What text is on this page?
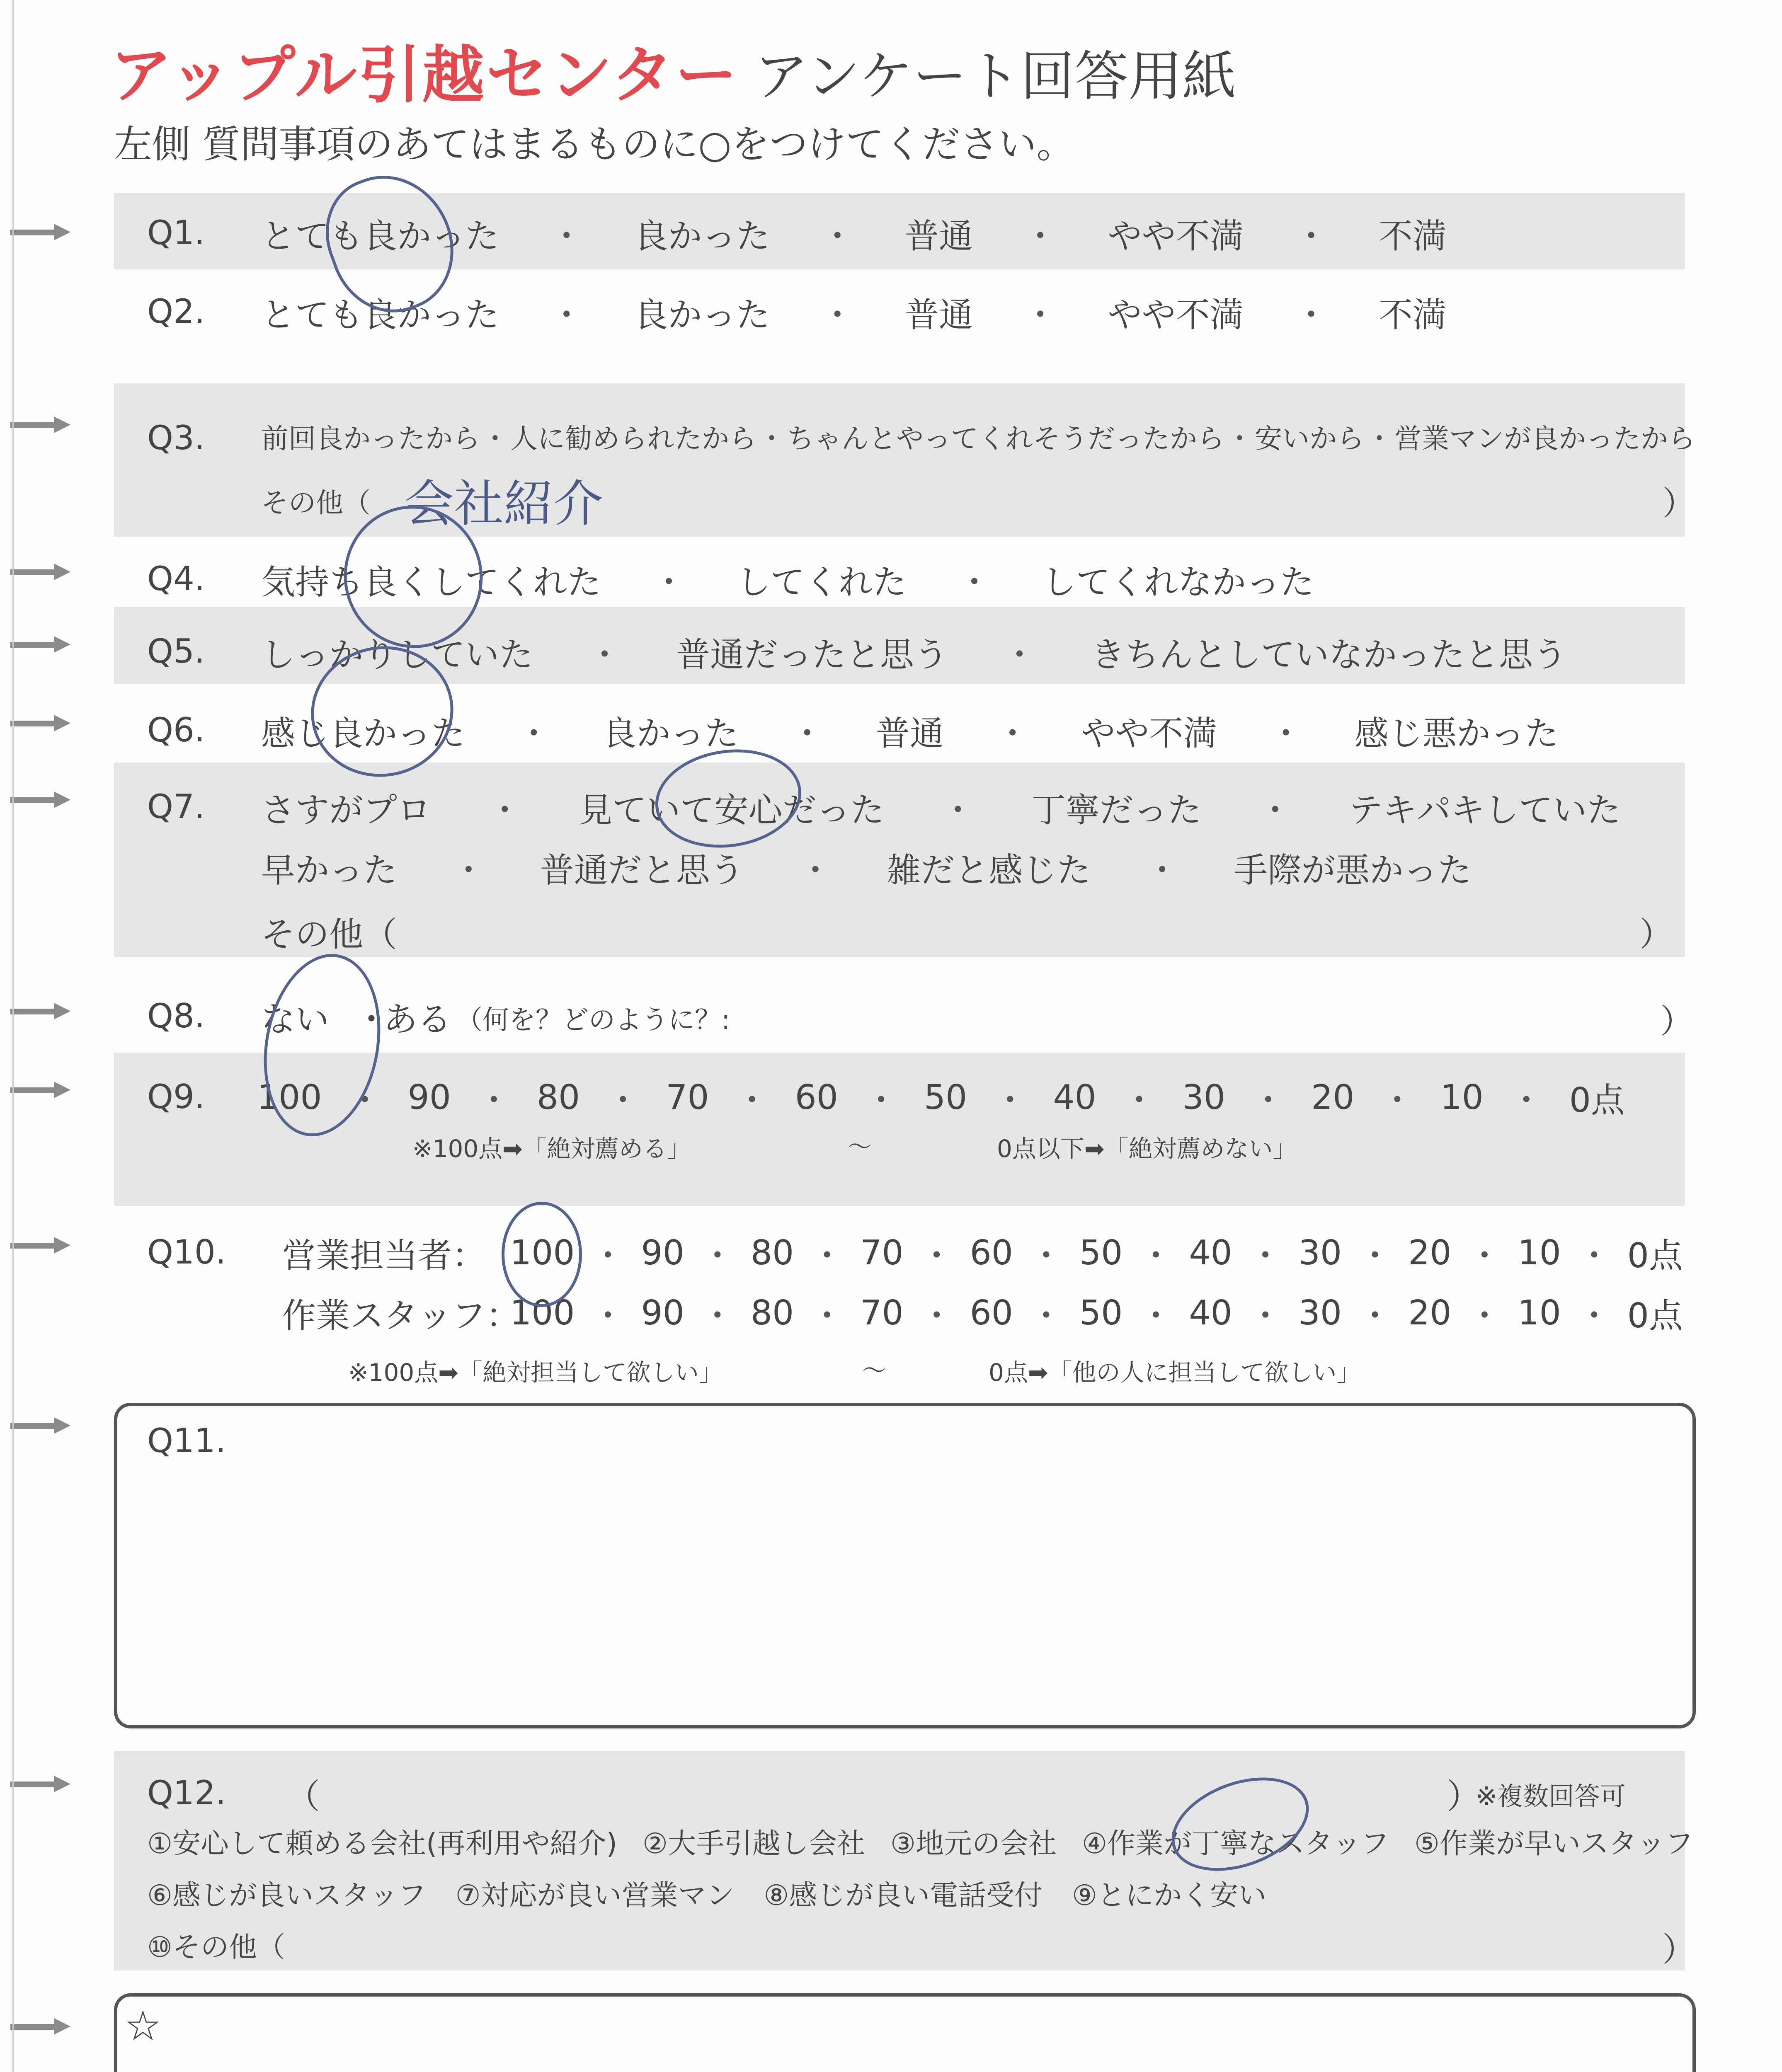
アップル引越センター アンケート回答用紙
左側 質問事項のあてはまるものに○をつけてください。
Q1. とても良かった ・ 良かった ・ 普通 ・ やや不満 ・ 不満
Q2. とても良かった ・ 良かった ・ 普通 ・ やや不満 ・ 不満
Q3. 前回良かったから ・ 人に勧められたから ・ ちゃんとやってくれそうだったから ・ 安いから ・ 営業マンが良かったから
その他（ 会社紹介	）
Q4. 気持ち良くしてくれた ・ してくれた ・ してくれなかった
Q5. しっかりしていた ・ 普通だったと思う ・ きちんとしていなかったと思う
Q6. 感じ良かった ・ 良かった ・ 普通 ・ やや不満 ・ 感じ悪かった
Q7. さすがプロ ・ 見ていて安心だった ・ 丁寧だった ・ テキパキしていた
早かった ・ 普通だと思う ・ 雑だと感じた ・ 手際が悪かった
その他（	）
Q8. ない ・
ある （何を？どのように？:	）
Q9. 100 ・ 90 ・ 80 ・ 70 ・ 60 ・ 50 ・ 40 ・ 30 ・ 20 ・ 10 ・ 0点
※100点➡「絶対薦める」	～	0点以下➡「絶対薦めない」
Q10. 営業担当者： 100 ・ 90 ・ 80 ・ 70 ・ 60 ・ 50 ・ 40 ・ 30 ・ 20 ・ 10 ・ 0点
作業スタッフ：
100 ・ 90 ・ 80 ・ 70 ・ 60 ・ 50 ・ 40 ・ 30 ・ 20 ・ 10 ・ 0点
※100点➡「絶対担当して欲しい」	～	0点➡「他の人に担当して欲しい」
Q11.
Q12. （	）
※複数回答可
①安心して頼める会社(再利用や紹介) ②大手引越し会社 ③地元の会社 ④作業が丁寧なスタッフ ⑤作業が早いスタッフ
⑥感じが良いスタッフ ⑦対応が良い営業マン ⑧感じが良い電話受付 ⑨とにかく安い
⑩その他（	）
☆
